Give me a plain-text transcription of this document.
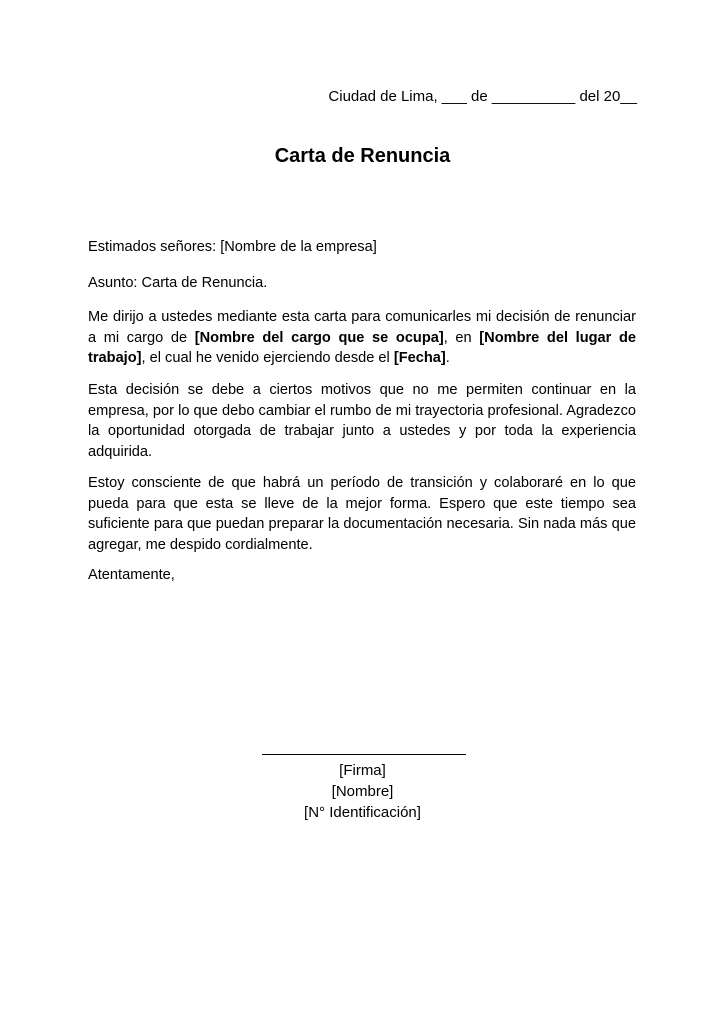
Ciudad de Lima, ___ de __________ del 20__
Carta de Renuncia
Estimados señores: [Nombre de la empresa]
Asunto: Carta de Renuncia.

Me dirijo a ustedes mediante esta carta para comunicarles mi decisión de renunciar a mi cargo de [Nombre del cargo que se ocupa], en [Nombre del lugar de trabajo], el cual he venido ejerciendo desde el [Fecha].

Esta decisión se debe a ciertos motivos que no me permiten continuar en la empresa, por lo que debo cambiar el rumbo de mi trayectoria profesional. Agradezco la oportunidad otorgada de trabajar junto a ustedes y por toda la experiencia adquirida.

Estoy consciente de que habrá un período de transición y colaboraré en lo que pueda para que esta se lleve de la mejor forma. Espero que este tiempo sea suficiente para que puedan preparar la documentación necesaria. Sin nada más que agregar, me despido cordialmente.

Atentamente,
[Firma]
[Nombre]
[N° Identificación]
